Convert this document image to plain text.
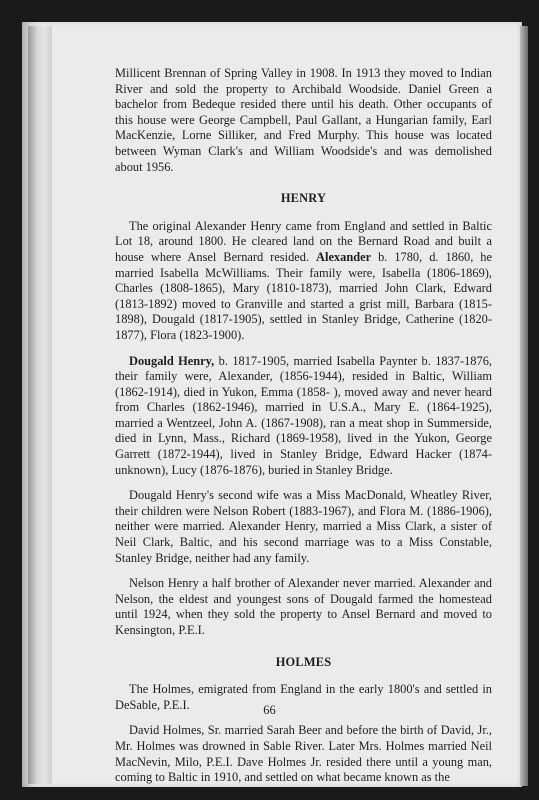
Millicent Brennan of Spring Valley in 1908. In 1913 they moved to Indian River and sold the property to Archibald Woodside. Daniel Green a bachelor from Bedeque resided there until his death. Other occupants of this house were George Campbell, Paul Gallant, a Hungarian family, Earl MacKenzie, Lorne Silliker, and Fred Murphy. This house was located between Wyman Clark's and William Woodside's and was demolished about 1956.

HENRY

The original Alexander Henry came from England and settled in Baltic Lot 18, around 1800. He cleared land on the Bernard Road and built a house where Ansel Bernard resided. Alexander b. 1780, d. 1860, he married Isabella McWilliams. Their family were, Isabella (1806-1869), Charles (1808-1865), Mary (1810-1873), married John Clark, Edward (1813-1892) moved to Granville and started a grist mill, Barbara (1815-1898), Dougald (1817-1905), settled in Stanley Bridge, Catherine (1820-1877), Flora (1823-1900).

Dougald Henry, b. 1817-1905, married Isabella Paynter b. 1837-1876, their family were, Alexander, (1856-1944), resided in Baltic, William (1862-1914), died in Yukon, Emma (1858- ), moved away and never heard from Charles (1862-1946), married in U.S.A., Mary E. (1864-1925), married a Wentzeel, John A. (1867-1908), ran a meat shop in Summerside, died in Lynn, Mass., Richard (1869-1958), lived in the Yukon, George Garrett (1872-1944), lived in Stanley Bridge, Edward Hacker (1874-unknown), Lucy (1876-1876), buried in Stanley Bridge.

Dougald Henry's second wife was a Miss MacDonald, Wheatley River, their children were Nelson Robert (1883-1967), and Flora M. (1886-1906), neither were married. Alexander Henry, married a Miss Clark, a sister of Neil Clark, Baltic, and his second marriage was to a Miss Constable, Stanley Bridge, neither had any family.

Nelson Henry a half brother of Alexander never married. Alexander and Nelson, the eldest and youngest sons of Dougald farmed the homestead until 1924, when they sold the property to Ansel Bernard and moved to Kensington, P.E.I.

HOLMES

The Holmes, emigrated from England in the early 1800's and settled in DeSable, P.E.I.

David Holmes, Sr. married Sarah Beer and before the birth of David, Jr., Mr. Holmes was drowned in Sable River. Later Mrs. Holmes married Neil MacNevin, Milo, P.E.I. Dave Holmes Jr. resided there until a young man, coming to Baltic in 1910, and settled on what became known as the

66
